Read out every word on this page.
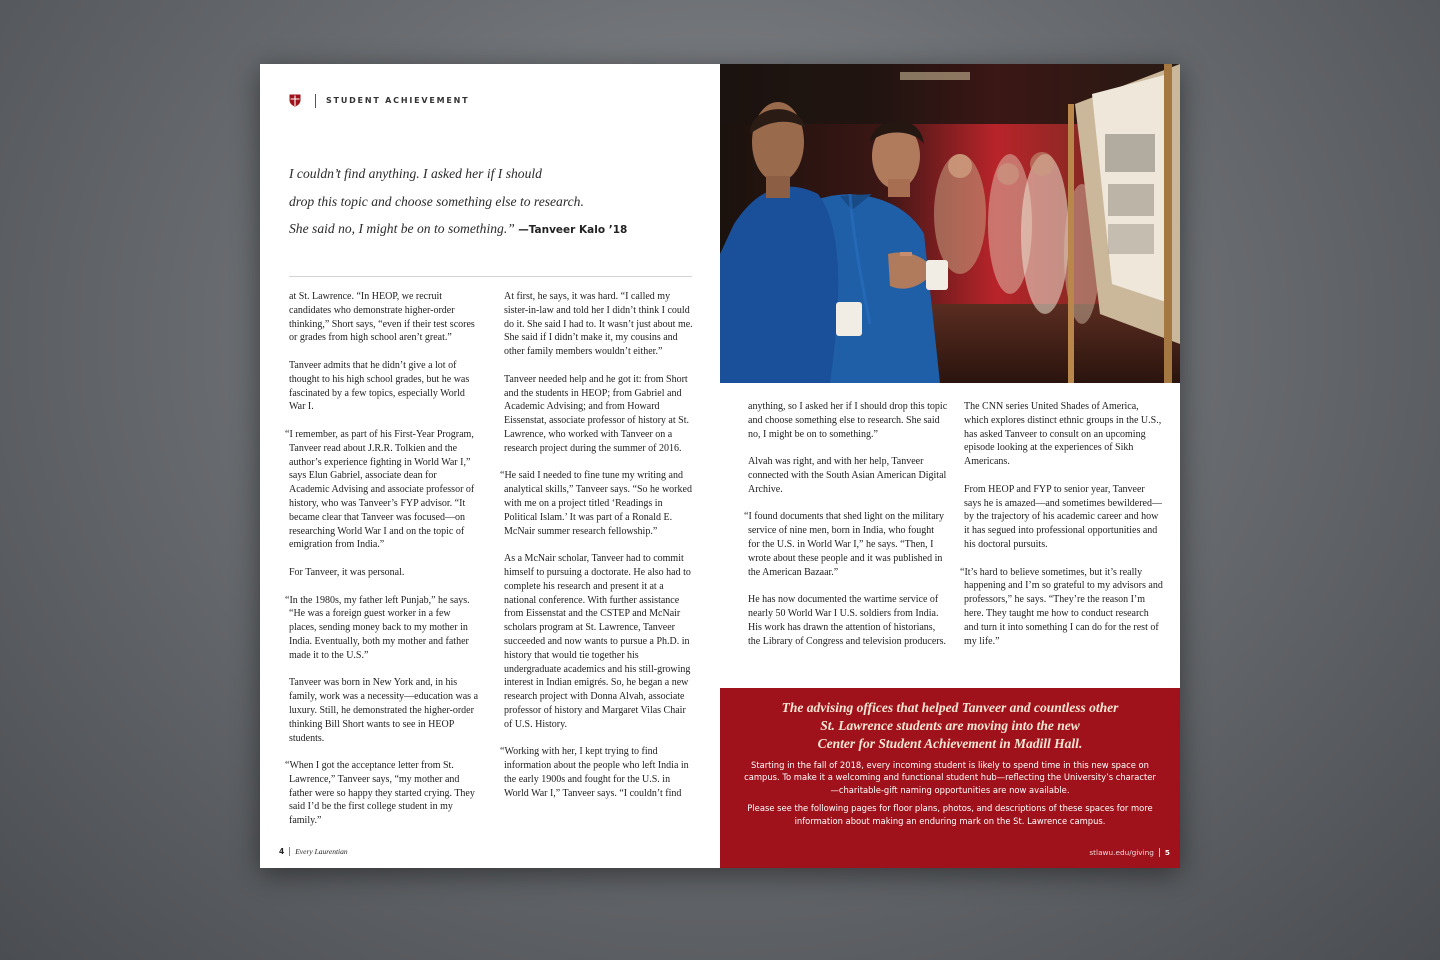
STUDENT ACHIEVEMENT
I couldn’t find anything. I asked her if I should
drop this topic and choose something else to research.
She said no, I might be on to something.” —Tanveer Kalo ’18

at St. Lawrence. “In HEOP, we recruit candidates who demonstrate higher-order thinking,” Short says, “even if their test scores or grades from high school aren’t great.”

Tanveer admits that he didn’t give a lot of thought to his high school grades, but he was fascinated by a few topics, especially World War I.

“I remember, as part of his First-Year Program, Tanveer read about J.R.R. Tolkien and the author’s experience fighting in World War I,” says Elun Gabriel, associate dean for Academic Advising and associate professor of history, who was Tanveer’s FYP advisor. “It became clear that Tanveer was focused—on researching World War I and on the topic of emigration from India.”

For Tanveer, it was personal.

“In the 1980s, my father left Punjab,” he says. “He was a foreign guest worker in a few places, sending money back to my mother in India. Eventually, both my mother and father made it to the U.S.”

Tanveer was born in New York and, in his family, work was a necessity—education was a luxury. Still, he demonstrated the higher-order thinking Bill Short wants to see in HEOP students.

“When I got the acceptance letter from St. Lawrence,” Tanveer says, “my mother and father were so happy they started crying. They said I’d be the first college student in my family.”

At first, he says, it was hard. “I called my sister-in-law and told her I didn’t think I could do it. She said I had to. It wasn’t just about me. She said if I didn’t make it, my cousins and other family members wouldn’t either.”

Tanveer needed help and he got it: from Short and the students in HEOP; from Gabriel and Academic Advising; and from Howard Eissenstat, associate professor of history at St. Lawrence, who worked with Tanveer on a research project during the summer of 2016.

“He said I needed to fine tune my writing and analytical skills,” Tanveer says. “So he worked with me on a project titled ‘Readings in Political Islam.’ It was part of a Ronald E. McNair summer research fellowship.”

As a McNair scholar, Tanveer had to commit himself to pursuing a doctorate. He also had to complete his research and present it at a national conference. With further assistance from Eissenstat and the CSTEP and McNair scholars program at St. Lawrence, Tanveer succeeded and now wants to pursue a Ph.D. in history that would tie together his undergraduate academics and his still-growing interest in Indian emigrés. So, he began a new research project with Donna Alvah, associate professor of history and Margaret Vilas Chair of U.S. History.

“Working with her, I kept trying to find information about the people who left India in the early 1900s and fought for the U.S. in World War I,” Tanveer says. “I couldn’t find

4 Every Laurentian

anything, so I asked her if I should drop this topic and choose something else to research. She said no, I might be on to something.”

Alvah was right, and with her help, Tanveer connected with the South Asian American Digital Archive.

“I found documents that shed light on the military service of nine men, born in India, who fought for the U.S. in World War I,” he says. “Then, I wrote about these people and it was published in the American Bazaar.”

He has now documented the wartime service of nearly 50 World War I U.S. soldiers from India. His work has drawn the attention of historians, the Library of Congress and television producers.

The CNN series United Shades of America, which explores distinct ethnic groups in the U.S., has asked Tanveer to consult on an upcoming episode looking at the experiences of Sikh Americans.

From HEOP and FYP to senior year, Tanveer says he is amazed—and sometimes bewildered—by the trajectory of his academic career and how it has segued into professional opportunities and his doctoral pursuits.

“It’s hard to believe sometimes, but it’s really happening and I’m so grateful to my advisors and professors,” he says. “They’re the reason I’m here. They taught me how to conduct research and turn it into something I can do for the rest of my life.”

The advising offices that helped Tanveer and countless other
St. Lawrence students are moving into the new
Center for Student Achievement in Madill Hall.

Starting in the fall of 2018, every incoming student is likely to spend time in this new space on campus. To make it a welcoming and functional student hub—reflecting the University’s character—charitable-gift naming opportunities are now available.

Please see the following pages for floor plans, photos, and descriptions of these spaces for more information about making an enduring mark on the St. Lawrence campus.

stlawu.edu/giving 5
